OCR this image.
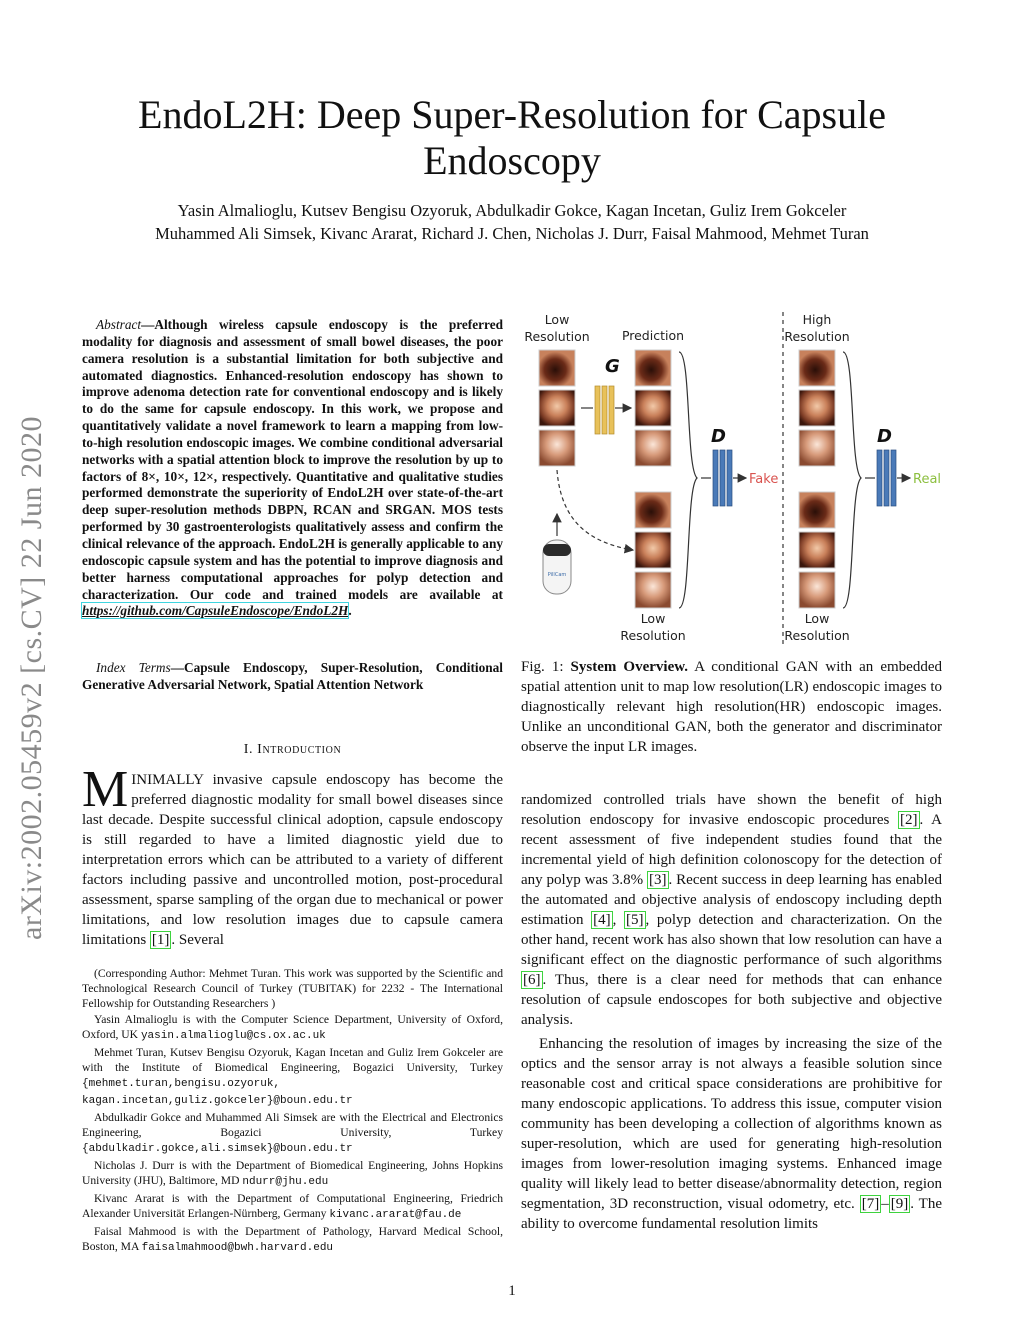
EndoL2H: Deep Super-Resolution for Capsule Endoscopy
Yasin Almalioglu, Kutsev Bengisu Ozyoruk, Abdulkadir Gokce, Kagan Incetan, Guliz Irem Gokceler
Muhammed Ali Simsek, Kivanc Ararat, Richard J. Chen, Nicholas J. Durr, Faisal Mahmood, Mehmet Turan
arXiv:2002.05459v2 [cs.CV] 22 Jun 2020
Abstract—Although wireless capsule endoscopy is the preferred modality for diagnosis and assessment of small bowel diseases, the poor camera resolution is a substantial limitation for both subjective and automated diagnostics. Enhanced-resolution endoscopy has shown to improve adenoma detection rate for conventional endoscopy and is likely to do the same for capsule endoscopy. In this work, we propose and quantitatively validate a novel framework to learn a mapping from low-to-high resolution endoscopic images. We combine conditional adversarial networks with a spatial attention block to improve the resolution by up to factors of 8×, 10×, 12×, respectively. Quantitative and qualitative studies performed demonstrate the superiority of EndoL2H over state-of-the-art deep super-resolution methods DBPN, RCAN and SRGAN. MOS tests performed by 30 gastroenterologists qualitatively assess and confirm the clinical relevance of the approach. EndoL2H is generally applicable to any endoscopic capsule system and has the potential to improve diagnosis and better harness computational approaches for polyp detection and characterization. Our code and trained models are available at https://github.com/CapsuleEndoscope/EndoL2H.
Index Terms—Capsule Endoscopy, Super-Resolution, Conditional Generative Adversarial Network, Spatial Attention Network
I. Introduction
MINIMALLY invasive capsule endoscopy has become the preferred diagnostic modality for small bowel diseases since last decade. Despite successful clinical adoption, capsule endoscopy is still regarded to have a limited diagnostic yield due to interpretation errors which can be attributed to a variety of different factors including passive and uncontrolled motion, post-procedural assessment, sparse sampling of the organ due to mechanical or power limitations, and low resolution images due to capsule camera limitations [1] . Several

(Corresponding Author: Mehmet Turan. This work was supported by the Scientific and Technological Research Council of Turkey (TUBITAK) for 2232 - The International Fellowship for Outstanding Researchers )

Yasin Almalioglu is with the Computer Science Department, University of Oxford, Oxford, UK yasin.almalioglu@cs.ox.ac.uk

Mehmet Turan, Kutsev Bengisu Ozyoruk, Kagan Incetan and Guliz Irem Gokceler are with the Institute of Biomedical Engineering, Bogazici University, Turkey {mehmet.turan,bengisu.ozyoruk, kagan.incetan,guliz.gokceler}@boun.edu.tr

Abdulkadir Gokce and Muhammed Ali Simsek are with the Electrical and Electronics Engineering, Bogazici University, Turkey {abdulkadir.gokce,ali.simsek}@boun.edu.tr

Nicholas J. Durr is with the Department of Biomedical Engineering, Johns Hopkins University (JHU), Baltimore, MD ndurr@jhu.edu

Kivanc Ararat is with the Department of Computational Engineering, Friedrich Alexander Universität Erlangen-Nürnberg, Germany kivanc.ararat@fau.de

Faisal Mahmood is with the Department of Pathology, Harvard Medical School, Boston, MA faisalmahmood@bwh.harvard.edu

Low Resolution	Prediction
High Resolution
G
Low Resolution
PillCam
D
Fake
Low Resolution
D
Real
Fig. 1: System Overview. A conditional GAN with an embedded spatial attention unit to map low resolution(LR) endoscopic images to diagnostically relevant high resolution(HR) endoscopic images. Unlike an unconditional GAN, both the generator and discriminator observe the input LR images.
randomized controlled trials have shown the benefit of high resolution endoscopy for invasive endoscopic procedures [2] . A recent assessment of five independent studies found that the incremental yield of high definition colonoscopy for the detection of any polyp was 3.8% [3] . Recent success in deep learning has enabled the automated and objective analysis of endoscopy including depth estimation [4] , [5] , polyp detection and characterization. On the other hand, recent work has also shown that low resolution can have a significant effect on the diagnostic performance of such algorithms [6] . Thus, there is a clear need for methods that can enhance resolution of capsule endoscopes for both subjective and objective analysis.
Enhancing the resolution of images by increasing the size of the optics and the sensor array is not always a feasible solution since reasonable cost and critical space considerations are prohibitive for many endoscopic applications. To address this issue, computer vision community has been developing a collection of algorithms known as super-resolution, which are used for generating high-resolution images from lower-resolution imaging systems. Enhanced image quality will likely lead to better disease/abnormality detection, region segmentation, 3D reconstruction, visual odometry, etc. [7] – [9] . The ability to overcome fundamental resolution limits
1
